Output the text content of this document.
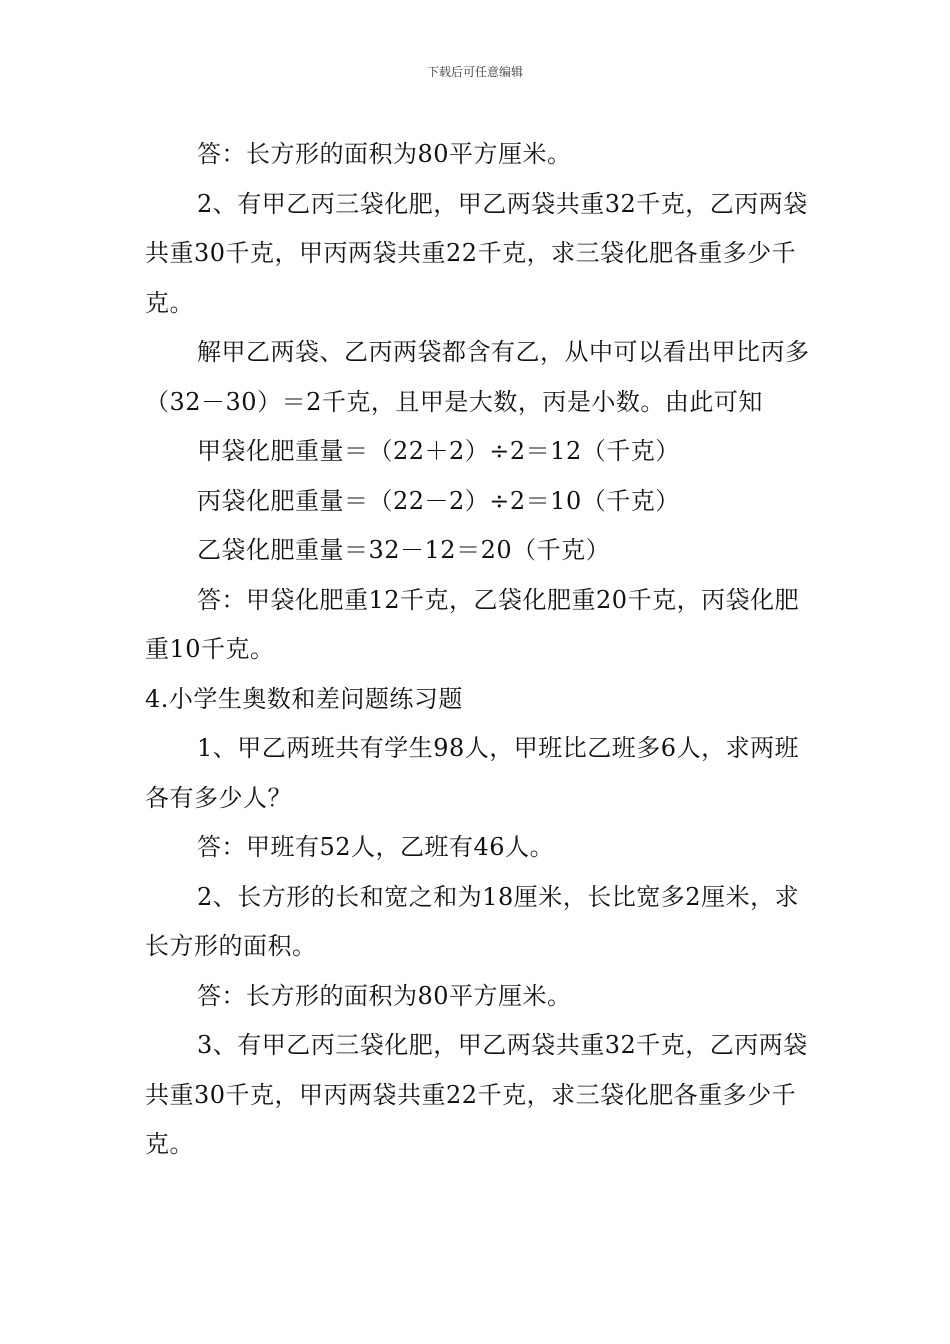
下载后可任意编辑

答：长方形的面积为80平方厘米。

2、有甲乙丙三袋化肥，甲乙两袋共重32千克，乙丙两袋共重30千克，甲丙两袋共重22千克，求三袋化肥各重多少千克。

解甲乙两袋、乙丙两袋都含有乙，从中可以看出甲比丙多（32－30）＝2千克，且甲是大数，丙是小数。由此可知

甲袋化肥重量＝（22＋2）÷2＝12（千克）

丙袋化肥重量＝（22－2）÷2＝10（千克）

乙袋化肥重量＝32－12＝20（千克）

答：甲袋化肥重12千克，乙袋化肥重20千克，丙袋化肥重10千克。

4.小学生奥数和差问题练习题

1、甲乙两班共有学生98人，甲班比乙班多6人，求两班各有多少人？

答：甲班有52人，乙班有46人。

2、长方形的长和宽之和为18厘米，长比宽多2厘米，求长方形的面积。

答：长方形的面积为80平方厘米。

3、有甲乙丙三袋化肥，甲乙两袋共重32千克，乙丙两袋共重30千克，甲丙两袋共重22千克，求三袋化肥各重多少千克。
